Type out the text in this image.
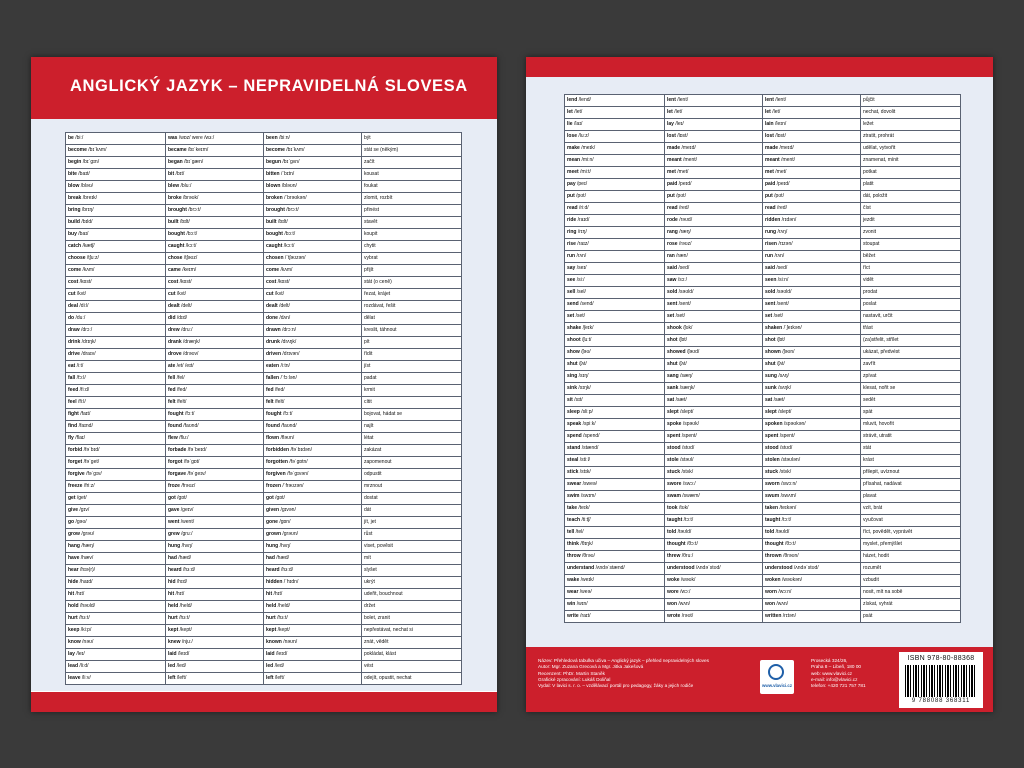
ANGLICKÝ JAZYK – NEPRAVIDELNÁ SLOVESA
be /biː/	was /wɒz/ were /wɜː/	been /biːn/	být
become /bɪˈkʌm/	became /bɪˈkeɪm/	become /bɪˈkʌm/	stát se (někým)
begin /bɪˈɡɪn/	began /bɪˈɡæn/	begun /bɪˈɡʌn/	začít
bite /baɪt/	bit /bɪt/	bitten /ˈbɪtn/	kousat
blow /bləʊ/	blew /bluː/	blown /bləʊn/	foukat
break /breɪk/	broke /brəʊk/	broken /ˈbrəʊkən/	zlomit, rozbít
bring /brɪŋ/	brought /brɔːt/	brought /brɔːt/	přinést
build /bɪld/	built /bɪlt/	built /bɪlt/	stavět
buy /baɪ/	bought /bɔːt/	bought /bɔːt/	koupit
catch /kætʃ/	caught /kɔːt/	caught /kɔːt/	chytit
choose /tʃuːz/	chose /tʃəʊz/	chosen /ˈtʃəʊzən/	vybrat
come /kʌm/	came /keɪm/	come /kʌm/	přijít
cost /kɒst/	cost /kɒst/	cost /kɒst/	stát (o ceně)
cut /kʌt/	cut /kʌt/	cut /kʌt/	řezat, krájet
deal /diːl/	dealt /delt/	dealt /delt/	rozdávat, řešit
do /duː/	did /dɪd/	done /dʌn/	dělat
draw /drɔː/	drew /druː/	drawn /drɔːn/	kreslit, táhnout
drink /drɪŋk/	drank /dræŋk/	drunk /drʌŋk/	pít
drive /draɪv/	drove /drəʊv/	driven /drɪvən/	řídit
eat /iːt/	ate /et/ /eɪt/	eaten /iːtn/	jíst
fall /fɔːl/	fell /fel/	fallen /ˈfɔːlən/	padat
feed /fiːd/	fed /fed/	fed /fed/	krmit
feel /fiːl/	felt /felt/	felt /felt/	cítit
fight /faɪt/	fought /fɔːt/	fought /fɔːt/	bojovat, hádat se
find /faɪnd/	found /faʊnd/	found /faʊnd/	najít
fly /flaɪ/	flew /fluː/	flown /fləʊn/	létat
forbid /fəˈbɪd/	forbade /fəˈbeɪd/	forbidden /fəˈbɪdən/	zakázat
forget /fəˈɡet/	forgot /fəˈɡɒt/	forgotten /fəˈɡɒtn/	zapomenout
forgive /fəˈɡɪv/	forgave /fəˈɡeɪv/	forgiven /fəˈɡɪvən/	odpustit
freeze /friːz/	froze /frəʊz/	frozen /ˈfrəʊzən/	mrznout
get /ɡet/	got /ɡɒt/	got /ɡɒt/	dostat
give /ɡɪv/	gave /ɡeɪv/	given /ɡɪvən/	dát
go /ɡəʊ/	went /went/	gone /ɡɒn/	jít, jet
grow /ɡrəʊ/	grew /ɡruː/	grown /ɡrəʊn/	růst
hang /hæŋ/	hung /hʌŋ/	hung /hʌŋ/	viset, pověsit
have /hæv/	had /hæd/	had /hæd/	mít
hear /hɪə(r)/	heard /hɜːd/	heard /hɜːd/	slyšet
hide /haɪd/	hid /hɪd/	hidden /ˈhɪdn/	ukrýt
hit /hɪt/	hit /hɪt/	hit /hɪt/	udeřit, bouchnout
hold /həʊld/	held /held/	held /held/	držet
hurt /hɜːt/	hurt /hɜːt/	hurt /hɜːt/	bolet, zranit
keep /kiːp/	kept /kept/	kept /kept/	nepřestávat, nechat si
know /nəʊ/	knew /njuː/	known /nəʊn/	znát, vědět
lay /leɪ/	laid /leɪd/	laid /leɪd/	pokládat, klást
lead /liːd/	led /led/	led /led/	vést
leave /liːv/	left /left/	left /left/	odejít, opustit, nechat
lend /lend/	lent /lent/	lent /lent/	půjčit
let /let/	let /let/	let /let/	nechat, dovolit
lie /laɪ/	lay /leɪ/	lain /leɪn/	ležet
lose /luːz/	lost /lɒst/	lost /lɒst/	ztratit, prohrát
make /meɪk/	made /meɪd/	made /meɪd/	udělat, vytvořit
mean /miːn/	meant /ment/	meant /ment/	znamenat, mínit
meet /miːt/	met /met/	met /met/	potkat
pay /peɪ/	paid /peɪd/	paid /peɪd/	platit
put /pʊt/	put /pʊt/	put /pʊt/	dát, položit
read /riːd/	read /red/	read /red/	číst
ride /raɪd/	rode /rəʊd/	ridden /rɪdən/	jezdit
ring /rɪŋ/	rang /ræŋ/	rung /rʌŋ/	zvonit
rise /raɪz/	rose /rəʊz/	risen /rɪzən/	stoupat
run /rʌn/	ran /ræn/	run /rʌn/	běžet
say /seɪ/	said /sed/	said /sed/	říct
see /siː/	saw /sɔː/	seen /siːn/	vidět
sell /sel/	sold /səʊld/	sold /səʊld/	prodat
send /send/	sent /sent/	sent /sent/	poslat
set /set/	set /set/	set /set/	nastavit, určit
shake /ʃeɪk/	shook /ʃʊk/	shaken /ˈʃeɪkən/	třást
shoot /ʃuːt/	shot /ʃɒt/	shot /ʃɒt/	(za)střelit, střílet
show /ʃəʊ/	showed /ʃəʊd/	shown /ʃəʊn/	ukázat, předvést
shut /ʃʌt/	shut /ʃʌt/	shut /ʃʌt/	zavřít
sing /sɪŋ/	sang /sæŋ/	sung /sʌŋ/	zpívat
sink /sɪŋk/	sank /sæŋk/	sunk /sʌŋk/	klesat, nořit se
sit /sɪt/	sat /sæt/	sat /sæt/	sedět
sleep /sliːp/	slept /slept/	slept /slept/	spát
speak /spiːk/	spoke /spəʊk/	spoken /spəʊkən/	mluvit, hovořit
spend /spend/	spent /spent/	spent /spent/	strávit, utratit
stand /stænd/	stood /stʊd/	stood /stʊd/	stát
steal /stiːl/	stole /stəʊl/	stolen /stəʊlən/	krást
stick /stɪk/	stuck /stʌk/	stuck /stʌk/	přilepit, uvíznout
swear /sweə/	swore /swɔː/	sworn /swɔːn/	přísahat, nadávat
swim /swɪm/	swam /swæm/	swum /swʌm/	plavat
take /teɪk/	took /tʊk/	taken /teɪkən/	vzít, brát
teach /tiːtʃ/	taught /tɔːt/	taught /tɔːt/	vyučovat
tell /tel/	told /təʊld/	told /təʊld/	říct, povědět, vyprávět
think /θɪŋk/	thought /θɔːt/	thought /θɔːt/	myslet, přemýšlet
throw /θrəʊ/	threw /θruː/	thrown /θrəʊn/	házet, hodit
understand /ʌndəˈstænd/	understood /ʌndəˈstʊd/	understood /ʌndəˈstʊd/	rozumět
wake /weɪk/	woke /wəʊk/	woken /wəʊkən/	vzbudit
wear /weə/	wore /wɔː/	worn /wɔːn/	nosit, mít na sobě
win /wɪn/	won /wʌn/	won /wʌn/	získat, vyhrát
write /raɪt/	wrote /rəʊt/	written /rɪtən/	psát
Název: Přehledová tabulka učiva – Anglický jazyk – přehled nepravidelných sloves
Autor: Mgr. Zuzana Grecová a Mgr. Jitka Jakešová
Recenzent: PhDr. Martin Staněk
Grafické zpracování: Lukáš Doliňal
Vydal: V lavici s. r. o. – vzdělávací portál pro pedagogy, žáky a jejich rodiče	www.vlavici.cz
Prosecká 324/26,
Praha 8 – Libeň, 180 00
web: www.vlavici.cz
e-mail: info@vlavici.cz
telefon: +420 721 757 781
ISBN 978-80-88368
9 788088 368311
